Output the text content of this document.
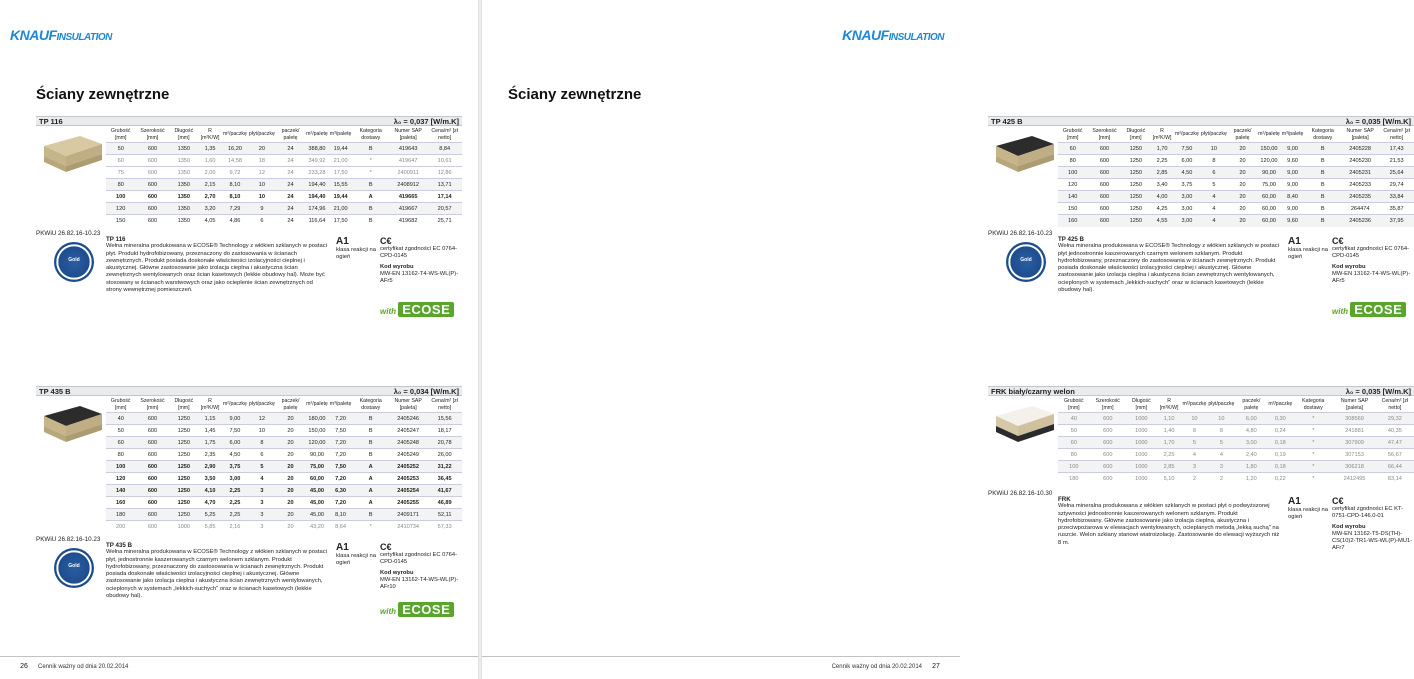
KNAUFINSULATION
Ściany zewnętrzne
TP 116	λ₀ = 0,037 [W/m.K]
PKWiU 26.82.16-10.23
Gold
Grubość [mm]	Szerokość [mm]	Długość [mm]	R [m²K/W]	m²/paczkę	płyt/paczkę	paczek/ paletę	m²/paletę	m³/paletę	Kategoria dostawy	Numer SAP [paleta]	Cena/m² [zł netto]
50	600	1350	1,35	16,20	20	24	388,80	19,44	B	419643	8,84
60	600	1350	1,60	14,58	18	24	349,92	21,00	*	419647	10,61
75	600	1350	2,00	9,72	12	24	233,28	17,50	*	2400911	12,86
80	600	1350	2,15	8,10	10	24	194,40	15,55	B	2408912	13,71
100	600	1350	2,70	8,10	10	24	194,40	19,44	A	419665	17,14
120	600	1350	3,20	7,29	9	24	174,96	21,00	B	419667	20,57
150	600	1350	4,05	4,86	6	24	116,64	17,50	B	419682	25,71
TP 116
Wełna mineralna produkowana w ECOSE® Technology z włókien szklanych w postaci płyt. Produkt hydrofobizowany, przeznaczony do zastosowania w ścianach zewnętrznych. Produkt posiada doskonałe właściwości izolacyjności cieplnej i akustycznej. Główne zastosowanie jako izolacja cieplna i akustyczna ścian zewnętrznych wentylowanych oraz ścian kasetowych (lekkie obudowy hal). Może być stosowany w ścianach warstwowych oraz jako ocieplenie ścian zewnętrznych od strony wewnętrznej pomieszczeń.
A1
klasa reakcji na ogień
C€
certyfikat zgodności EC 0764-CPD-0145
Kod wyrobu
MW-EN 13162-T4-WS-WL(P)-AFr5
with ECOSE
TP 435 B	λ₀ = 0,034 [W/m.K]
PKWiU 26.82.16-10.23
Gold
Grubość [mm]	Szerokość [mm]	Długość [mm]	R [m²K/W]	m²/paczkę	płyt/paczkę	paczek/ paletę	m²/paletę	m³/paletę	Kategoria dostawy	Numer SAP [paleta]	Cena/m² [zł netto]
40	600	1250	1,15	9,00	12	20	180,00	7,20	B	2405246	15,56
50	600	1250	1,45	7,50	10	20	150,00	7,50	B	2405247	18,17
60	600	1250	1,75	6,00	8	20	120,00	7,20	B	2405248	20,78
80	600	1250	2,35	4,50	6	20	90,00	7,20	B	2405249	26,00
100	600	1250	2,90	3,75	5	20	75,00	7,50	A	2405252	31,22
120	600	1250	3,50	3,00	4	20	60,00	7,20	A	2405253	36,45
140	600	1250	4,10	2,25	3	20	45,00	6,30	A	2405254	41,67
160	600	1250	4,70	2,25	3	20	45,00	7,20	A	2405255	46,89
180	600	1250	5,25	2,25	3	20	45,00	8,10	B	2409171	52,11
200	600	1000	5,85	2,16	3	20	43,20	8,64	*	2410734	57,33
TP 435 B
Wełna mineralna produkowana w ECOSE® Technology z włókien szklanych w postaci płyt, jednostronnie kaszerowanych czarnym welonem szklanym. Produkt hydrofobizowany, przeznaczony do zastosowania w ścianach zewnętrznych. Produkt posiada doskonałe właściwości izolacyjności cieplnej i akustycznej. Główne zastosowanie jako izolacja cieplna i akustyczna ścian zewnętrznych wentylowanych, ocieplonych w systemach „lekkich-suchych" oraz w ścianach kasetowych (lekkie obudowy hal).
A1
klasa reakcji na ogień
C€
certyfikat zgodności EC 0764-CPD-0145
Kod wyrobu
MW-EN 13162-T4-WS-WL(P)-AFr10
with ECOSE
26 Cennik ważny od dnia 20.02.2014
KNAUFINSULATION
Ściany zewnętrzne
TP 425 B	λ₀ = 0,035 [W/m.K]
PKWiU 26.82.16-10.23
Gold
Grubość [mm]	Szerokość [mm]	Długość [mm]	R [m²K/W]	m²/paczkę	płyt/paczkę	paczek/ paletę	m²/paletę	m³/paletę	Kategoria dostawy	Numer SAP [paleta]	Cena/m² [zł netto]
60	600	1250	1,70	7,50	10	20	150,00	9,00	B	2405228	17,43
80	600	1250	2,25	6,00	8	20	120,00	9,60	B	2405230	21,53
100	600	1250	2,85	4,50	6	20	90,00	9,00	B	2405231	25,64
120	600	1250	3,40	3,75	5	20	75,00	9,00	B	2405233	29,74
140	600	1250	4,00	3,00	4	20	60,00	8,40	B	2405235	33,84
150	600	1250	4,25	3,00	4	20	60,00	9,00	B	264474	35,87
160	600	1250	4,55	3,00	4	20	60,00	9,60	B	2405236	37,95
TP 425 B
Wełna mineralna produkowana w ECOSE® Technology z włókien szklanych w postaci płyt jednostronnie kaszerowanych czarnym welonem szklanym. Produkt hydrofobizowany, przeznaczony do zastosowania w ścianach zewnętrznych. Produkt posiada doskonałe właściwości izolacyjności cieplnej i akustycznej. Główne zastosowanie jako izolacja cieplna i akustyczna ścian zewnętrznych wentylowanych, ocieplonych w systemach „lekkich-suchych" oraz w ścianach kasetowych (lekkie obudowy hal).
A1
klasa reakcji na ogień
C€
certyfikat zgodności EC 0764-CPD-0145
Kod wyrobu
MW-EN 13162-T4-WS-WL(P)-AFr5
with ECOSE
FRK biały/czarny welon	λ₀ = 0,035 [W/m.K]
PKWiU 26.82.16-10.30
Grubość [mm]	Szerokość [mm]	Długość [mm]	R [m²K/W]	m²/paczkę	płyt/paczkę	paczek/ paletę	m³/paczkę	Kategoria dostawy	Numer SAP [paleta]	Cena/m² [zł netto]
40	600	1000	1,10	10	10	6,00	0,30	*	308569	29,32
50	600	1000	1,40	8	8	4,80	0,24	*	241881	40,35
60	600	1000	1,70	5	5	3,00	0,18	*	307909	47,47
80	600	1000	2,25	4	4	2,40	0,19	*	307153	56,67
100	600	1000	2,85	3	3	1,80	0,18	*	306218	66,44
180	600	1000	5,10	2	2	1,20	0,22	*	2412495	83,14
FRK
Wełna mineralna produkowana z włókien szklanych w postaci płyt o podwyższonej sztywności jednostronnie kaszerowanych welonem szklanym. Produkt hydrofobizowany. Główne zastosowanie jako izolacja cieplna, akustyczna i przeciwpożarowa w elewacjach wentylowanych, ocieplanych metodą „lekką suchą" na ruszcie. Welon szklany stanowi wiatroizolację. Zastosowanie do elewacji wyższych niż 8 m.
A1
klasa reakcji na ogień
C€
certyfikat zgodności EC KT-0751-CPD-146.0-01
Kod wyrobu
MW-EN 13162-T5-DS(TH)-CS(10)2-TR1-WS-WL(P)-MU1-AFr7
Cennik ważny od dnia 20.02.2014 27
